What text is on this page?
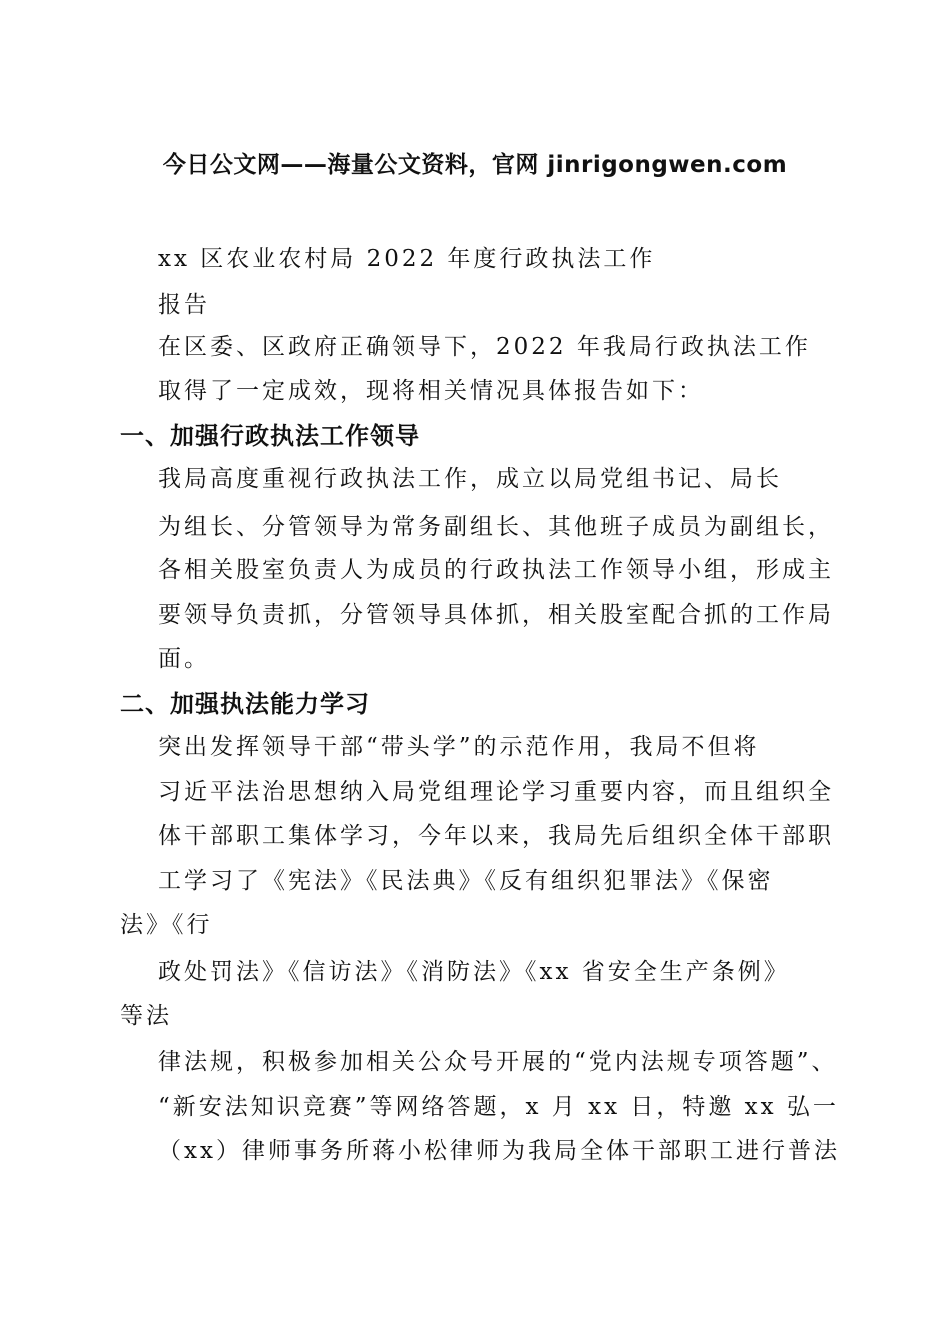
今日公文网——海量公文资料，官网 jinrigongwen.com
xx 区农业农村局 2022 年度行政执法工作
报告
在区委、区政府正确领导下，2022 年我局行政执法工作
取得了一定成效，现将相关情况具体报告如下：
一、加强行政执法工作领导
我局高度重视行政执法工作，成立以局党组书记、局长
为组长、分管领导为常务副组长、其他班子成员为副组长，
各相关股室负责人为成员的行政执法工作领导小组，形成主
要领导负责抓，分管领导具体抓，相关股室配合抓的工作局
面。
二、加强执法能力学习
突出发挥领导干部“带头学”的示范作用，我局不但将
习近平法治思想纳入局党组理论学习重要内容，而且组织全
体干部职工集体学习，今年以来，我局先后组织全体干部职
工学习了《宪法》《民法典》《反有组织犯罪法》《保密
法》《行
政处罚法》《信访法》《消防法》《xx 省安全生产条例》
等法
律法规，积极参加相关公众号开展的“党内法规专项答题”、
“新安法知识竞赛”等网络答题，x 月 xx 日，特邀 xx 弘一
（xx）律师事务所蒋小松律师为我局全体干部职工进行普法
